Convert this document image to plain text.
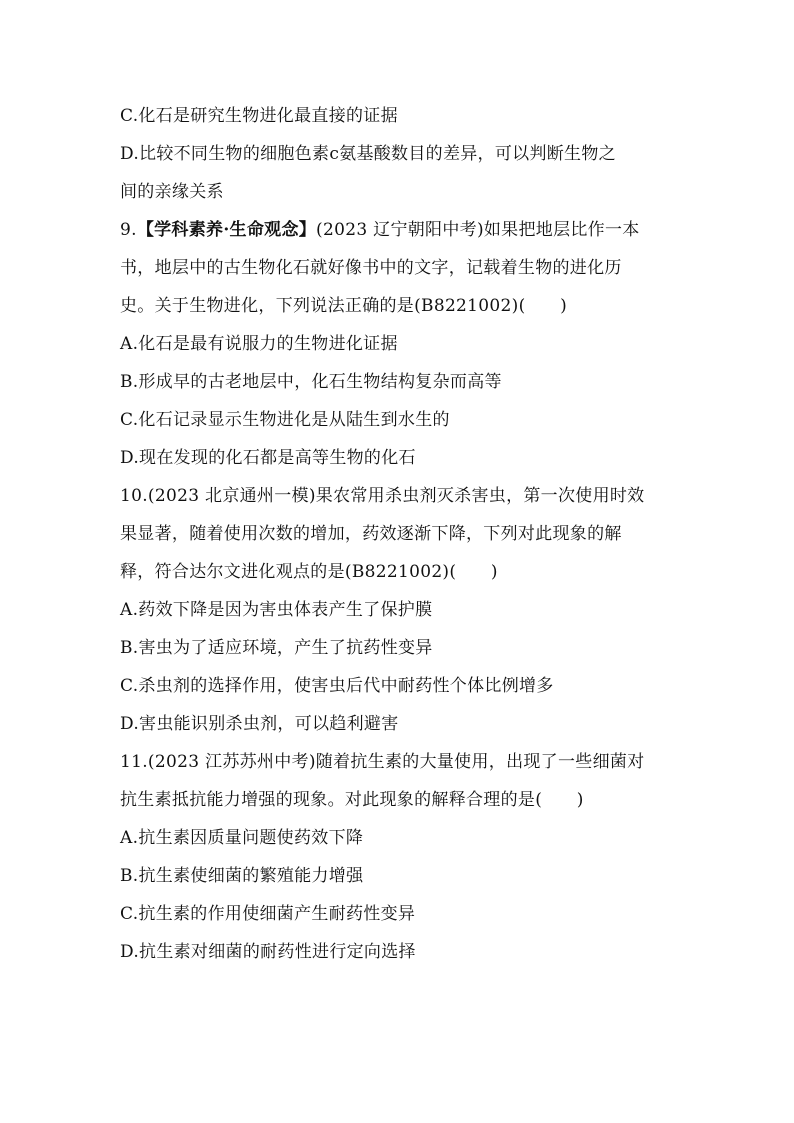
C.化石是研究生物进化最直接的证据
D.比较不同生物的细胞色素c氨基酸数目的差异，可以判断生物之
间的亲缘关系
9.【学科素养·生命观念】(2023 辽宁朝阳中考)如果把地层比作一本
书，地层中的古生物化石就好像书中的文字，记载着生物的进化历
史。关于生物进化，下列说法正确的是(B8221002)(　　)
A.化石是最有说服力的生物进化证据
B.形成早的古老地层中，化石生物结构复杂而高等
C.化石记录显示生物进化是从陆生到水生的
D.现在发现的化石都是高等生物的化石
10.(2023 北京通州一模)果农常用杀虫剂灭杀害虫，第一次使用时效
果显著，随着使用次数的增加，药效逐渐下降，下列对此现象的解
释，符合达尔文进化观点的是(B8221002)(　　)
A.药效下降是因为害虫体表产生了保护膜
B.害虫为了适应环境，产生了抗药性变异
C.杀虫剂的选择作用，使害虫后代中耐药性个体比例增多
D.害虫能识别杀虫剂，可以趋利避害
11.(2023 江苏苏州中考)随着抗生素的大量使用，出现了一些细菌对
抗生素抵抗能力增强的现象。对此现象的解释合理的是(　　)
A.抗生素因质量问题使药效下降
B.抗生素使细菌的繁殖能力增强
C.抗生素的作用使细菌产生耐药性变异
D.抗生素对细菌的耐药性进行定向选择
